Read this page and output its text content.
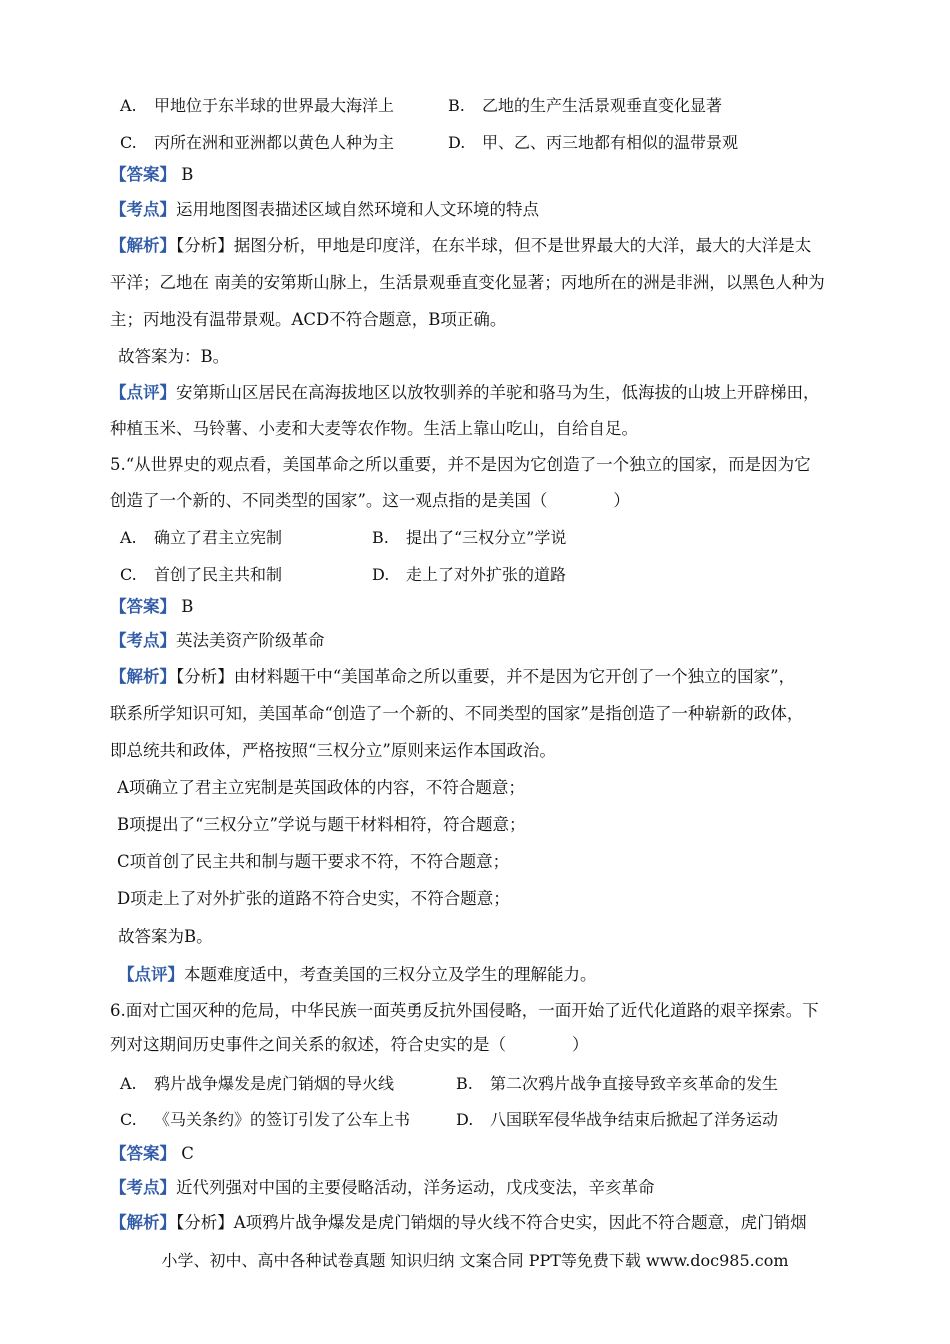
A. 甲地位于东半球的世界最大海洋上	B. 乙地的生产生活景观垂直变化显著
C. 丙所在洲和亚洲都以黄色人种为主	D. 甲、乙、丙三地都有相似的温带景观
【答案】 B
【考点】运用地图图表描述区域自然环境和人文环境的特点
【解析】【分析】据图分析，甲地是印度洋，在东半球，但不是世界最大的大洋，最大的大洋是太
平洋；乙地在 南美的安第斯山脉上，生活景观垂直变化显著；丙地所在的洲是非洲，以黑色人种为
主；丙地没有温带景观。ACD不符合题意，B项正确。
故答案为：B。
【点评】安第斯山区居民在高海拔地区以放牧驯养的羊驼和骆马为生，低海拔的山坡上开辟梯田，
种植玉米、马铃薯、小麦和大麦等农作物。生活上靠山吃山，自给自足。
5.“从世界史的观点看，美国革命之所以重要，并不是因为它创造了一个独立的国家，而是因为它
创造了一个新的、不同类型的国家”。这一观点指的是美国（　　　　）
A. 确立了君主立宪制	B. 提出了“三权分立”学说
C. 首创了民主共和制	D. 走上了对外扩张的道路
【答案】 B
【考点】英法美资产阶级革命
【解析】【分析】由材料题干中“美国革命之所以重要，并不是因为它开创了一个独立的国家”，
联系所学知识可知，美国革命“创造了一个新的、不同类型的国家”是指创造了一种崭新的政体，
即总统共和政体，严格按照“三权分立”原则来运作本国政治。
A项确立了君主立宪制是英国政体的内容，不符合题意；
B项提出了“三权分立”学说与题干材料相符，符合题意；
C项首创了民主共和制与题干要求不符，不符合题意；
D项走上了对外扩张的道路不符合史实，不符合题意；
故答案为B。
【点评】本题难度适中，考查美国的三权分立及学生的理解能力。
6.面对亡国灭种的危局，中华民族一面英勇反抗外国侵略，一面开始了近代化道路的艰辛探索。下
列对这期间历史事件之间关系的叙述，符合史实的是（　　　　）
A. 鸦片战争爆发是虎门销烟的导火线	B. 第二次鸦片战争直接导致辛亥革命的发生
C. 《马关条约》的签订引发了公车上书	D. 八国联军侵华战争结束后掀起了洋务运动
【答案】 C
【考点】近代列强对中国的主要侵略活动，洋务运动，戊戌变法，辛亥革命
【解析】【分析】A项鸦片战争爆发是虎门销烟的导火线不符合史实，因此不符合题意，虎门销烟
小学、初中、高中各种试卷真题 知识归纳 文案合同 PPT等免费下载 www.doc985.com
